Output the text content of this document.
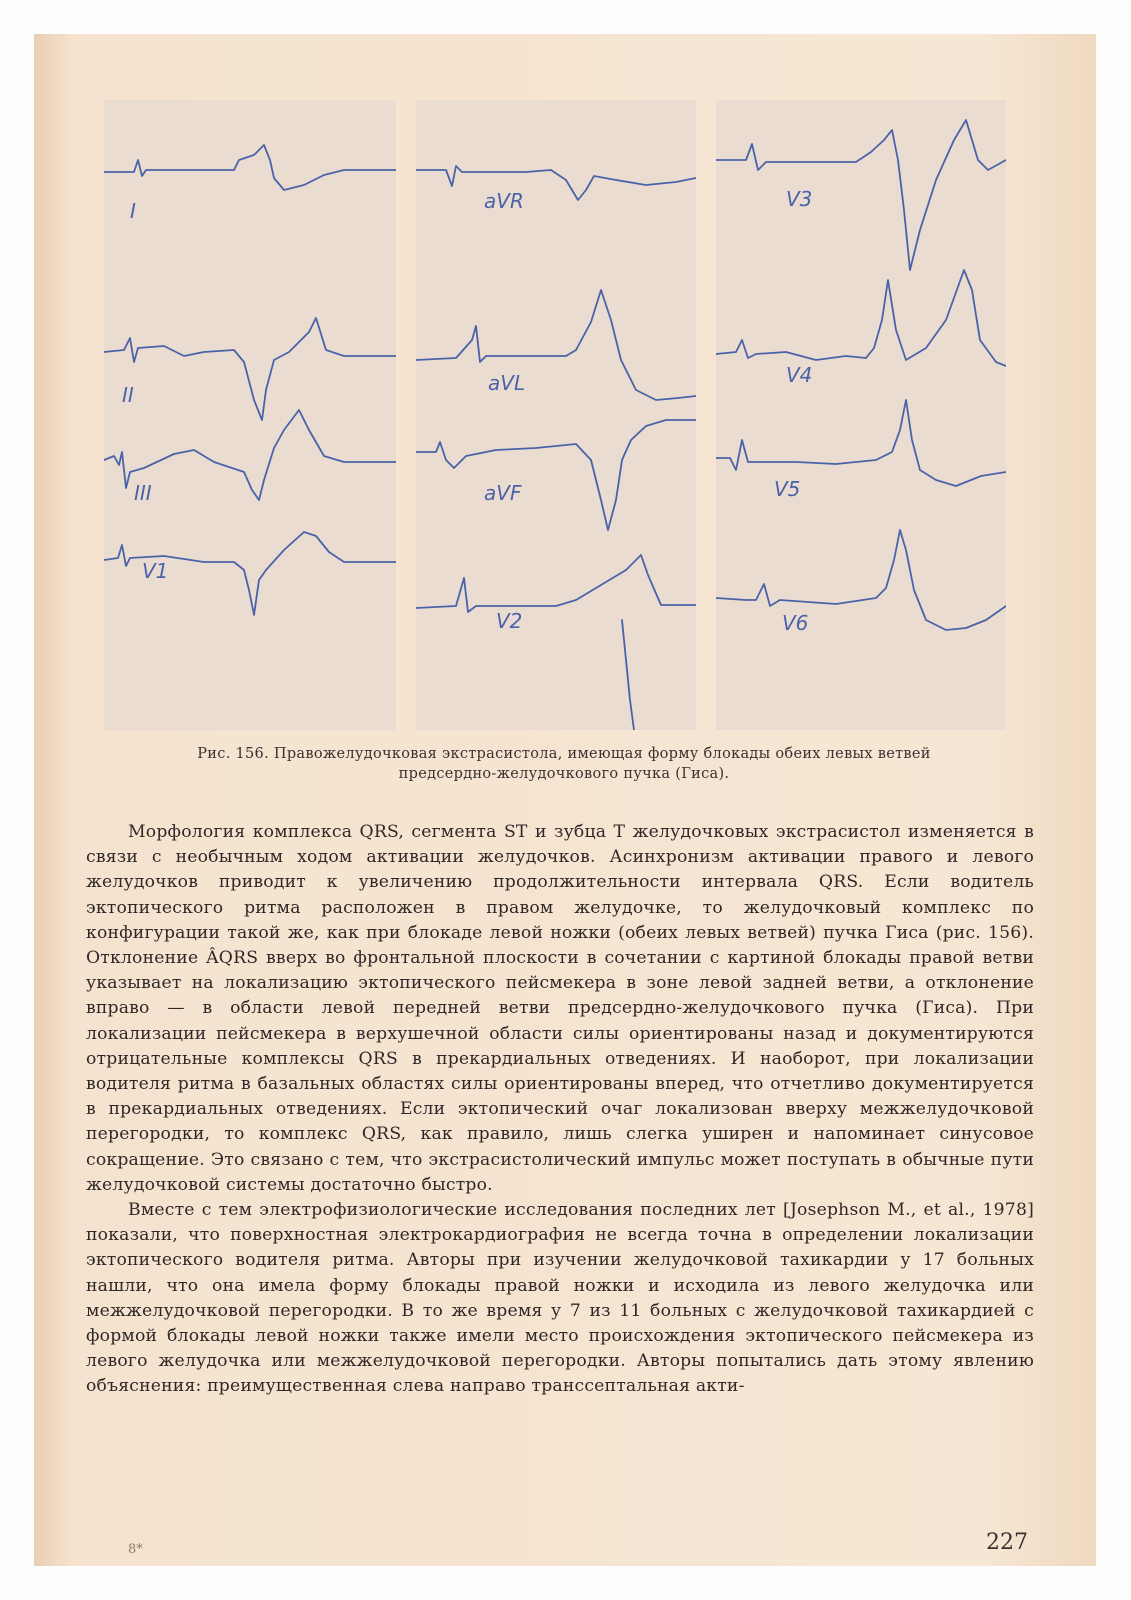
I
II
III
V1
aVR
aVL
aVF
V2
V3
V4
V5
V6
Рис. 156. Правожелудочковая экстрасистола, имеющая форму блокады обеих левых ветвей
предсердно-желудочкового пучка (Гиса).

Морфология комплекса QRS, сегмента ST и зубца T желудочковых экстрасистол изменяется в связи с необычным ходом активации желудочков. Асинхронизм активации правого и левого желудочков приводит к увеличению продолжительности интервала QRS. Если водитель эктопического ритма расположен в правом желудочке, то желудочковый комплекс по конфигурации такой же, как при блокаде левой ножки (обеих левых ветвей) пучка Гиса (рис. 156). Отклонение ÂQRS вверх во фронтальной плоскости в сочетании с картиной блокады правой ветви указывает на локализацию эктопического пейсмекера в зоне левой задней ветви, а отклонение вправо — в области левой передней ветви предсердно-желудочкового пучка (Гиса). При локализации пейсмекера в верхушечной области силы ориентированы назад и документируются отрицательные комплексы QRS в прекардиальных отведениях. И наоборот, при локализации водителя ритма в базальных областях силы ориентированы вперед, что отчетливо документируется в прекардиальных отведениях. Если эктопический очаг локализован вверху межжелудочковой перегородки, то комплекс QRS, как правило, лишь слегка уширен и напоминает синусовое сокращение. Это связано с тем, что экстрасистолический импульс может поступать в обычные пути желудочковой системы достаточно быстро.

Вместе с тем электрофизиологические исследования последних лет [Josephson M., et al., 1978] показали, что поверхностная электрокардиография не всегда точна в определении локализации эктопического водителя ритма. Авторы при изучении желудочковой тахикардии у 17 больных нашли, что она имела форму блокады правой ножки и исходила из левого желудочка или межжелудочковой перегородки. В то же время у 7 из 11 больных с желудочковой тахикардией с формой блокады левой ножки также имели место происхождения эктопического пейсмекера из левого желудочка или межжелудочковой перегородки. Авторы попытались дать этому явлению объяснения: преимущественная слева направо трансceптальная акти-

8*	227
